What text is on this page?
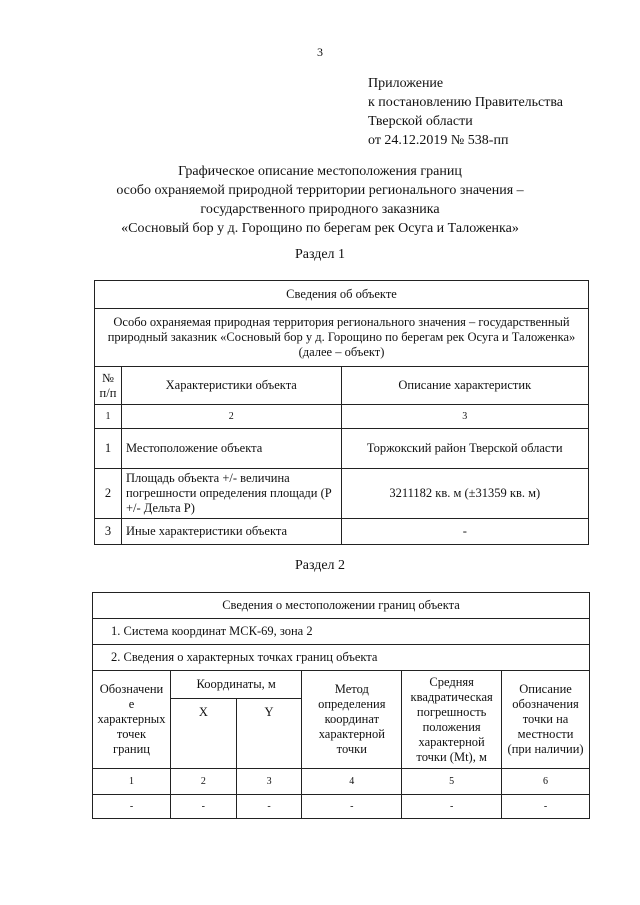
3
Приложение
к постановлению Правительства
Тверской области
от 24.12.2019 № 538-пп
Графическое описание местоположения границ
особо охраняемой природной территории регионального значения –
государственного природного заказника
«Сосновый бор у д. Горощино по берегам рек Осуга и Таложенка»
Раздел 1
Сведения об объекте		
Особо охраняемая природная территория регионального значения – государственный природный заказник «Сосновый бор у д. Горощино по берегам рек Осуга и Таложенка» (далее – объект)		
№ п/п	Характеристики объекта	Описание характеристик
1	2	3
1	Местоположение объекта	Торжокский район Тверской области
2	Площадь объекта +/- величина погрешности определения площади (Р +/- Дельта Р)	3211182 кв. м (±31359 кв. м)
3	Иные характеристики объекта	-
Раздел 2
Сведения о местоположении границ объекта					
1. Система координат МСК-69, зона 2					
2. Сведения о характерных точках границ объекта					
Обозначени е характерных точек границ	Координаты, м		Метод определения координат характерной точки	Средняя квадратическая погрешность положения характерной точки (Mt), м	Описание обозначения точки на местности (при наличии)
	X	Y			
1	2	3	4	5	6
-	-	-	-	-	-
